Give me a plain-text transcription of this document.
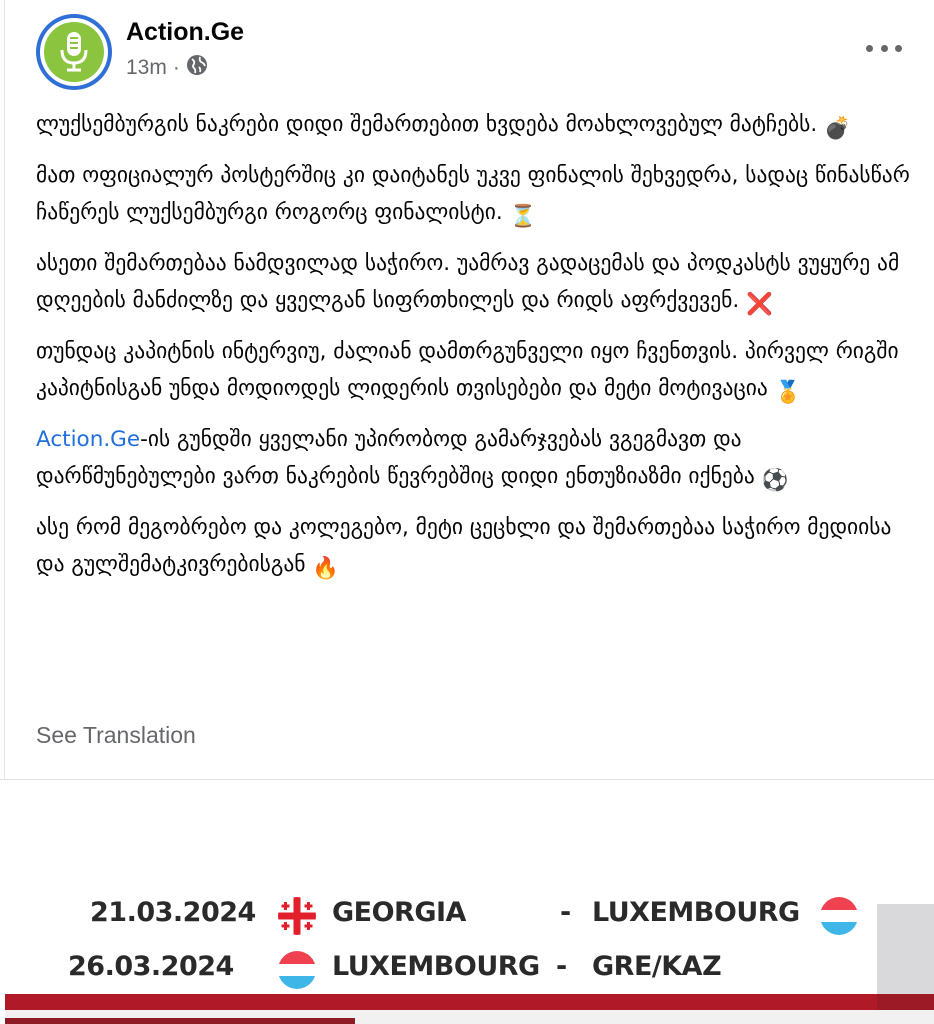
Action.Ge
13m ·

ლუქსემბურგის ნაკრები დიდი შემართებით ხვდება მოახლოვებულ მატჩებს. 💣

მათ ოფიციალურ პოსტერშიც კი დაიტანეს უკვე ფინალის შეხვედრა, სადაც წინასწარ ჩაწერეს ლუქსემბურგი როგორც ფინალისტი. ⏳

ასეთი შემართებაა ნამდვილად საჭირო. უამრავ გადაცემას და პოდკასტს ვუყურე ამ დღეების მანძილზე და ყველგან სიფრთხილეს და რიდს აფრქვევენ. ❌

თუნდაც კაპიტნის ინტერვიუ, ძალიან დამთრგუნველი იყო ჩვენთვის. პირველ რიგში კაპიტნისგან უნდა მოდიოდეს ლიდერის თვისებები და მეტი მოტივაცია 🏅

Action.Ge-ის გუნდში ყველანი უპირობოდ გამარჯვებას ვგეგმავთ და დარწმუნებულები ვართ ნაკრების წევრებშიც დიდი ენთუზიაზმი იქნება ⚽

ასე რომ მეგობრებო და კოლეგებო, მეტი ცეცხლი და შემართებაა საჭირო მედიისა და გულშემატკივრებისგან 🔥

See Translation
21.03.2024	GEORGIA	- LUXEMBOURG
26.03.2024	LUXEMBOURG - GRE/KAZ
